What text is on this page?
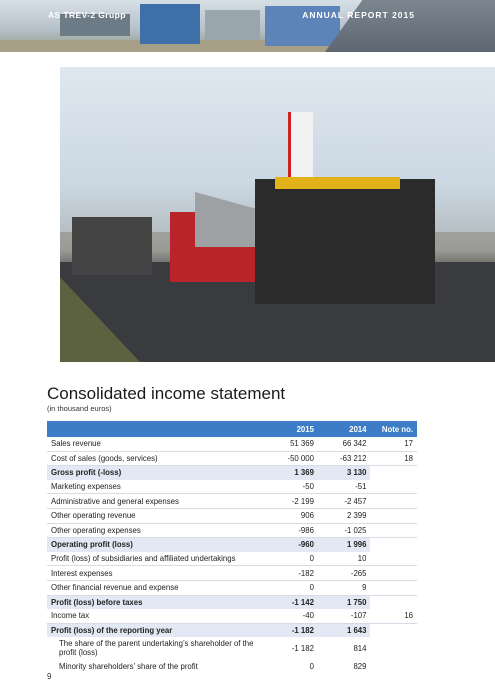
AS TREV-2 Grupp	ANNUAL REPORT 2015
Consolidated income statement
(in thousand euros)
	2015	2014	Note no.
Sales revenue	51 369	66 342	17
Cost of sales (goods, services)	-50 000	-63 212	18
Gross profit (-loss)	1 369	3 130	
Marketing expenses	-50	-51	
Administrative and general expenses	-2 199	-2 457	
Other operating revenue	906	2 399	
Other operating expenses	-986	-1 025	
Operating profit (loss)	-960	1 996	
Profit (loss) of subsidiaries and affiliated undertakings	0	10	
Interest expenses	-182	-265	
Other financial revenue and expense	0	9	
Profit (loss) before taxes	-1 142	1 750	
Income tax	-40	-107	16
Profit (loss) of the reporting year	-1 182	1 643	
The share of the parent undertaking’s shareholder of the profit (loss)	-1 182	814	
Minority shareholders’ share of the profit	0	829	
9
